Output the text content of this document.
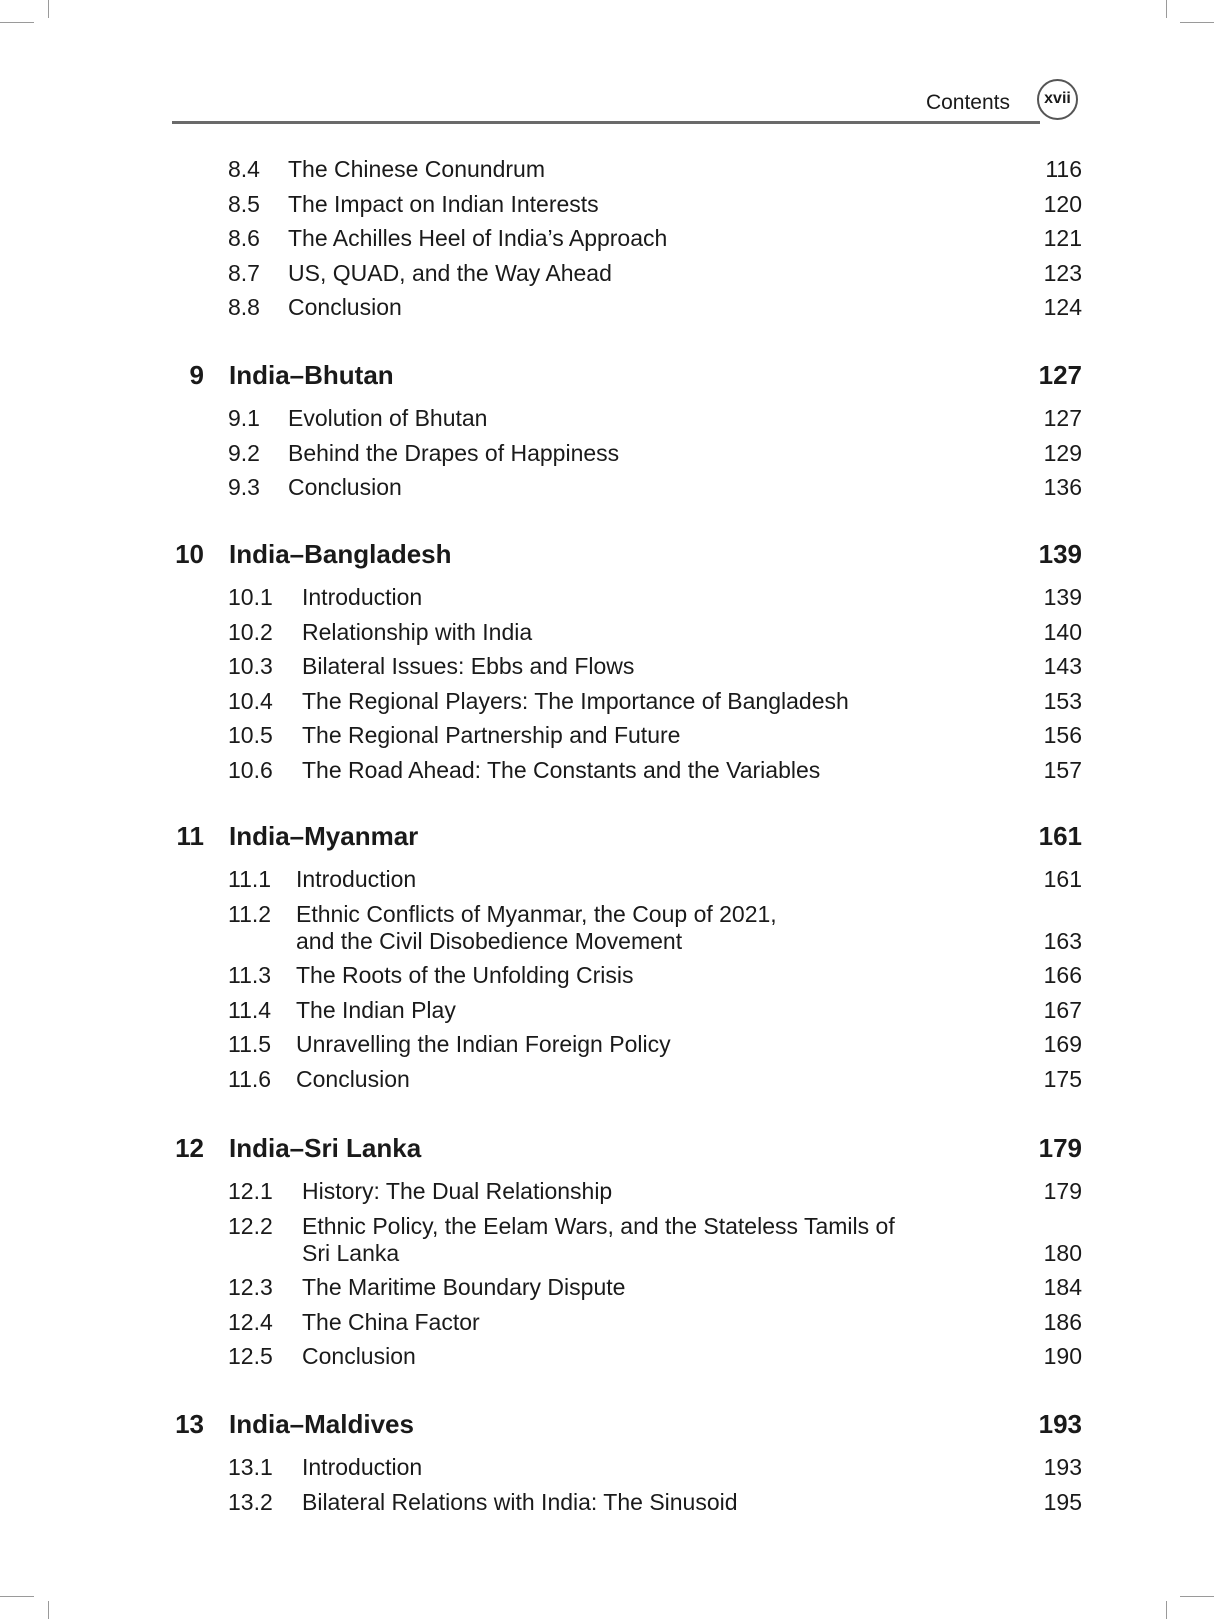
Contents	xvii
8.4 The Chinese Conundrum	116
8.5 The Impact on Indian Interests	120
8.6 The Achilles Heel of India’s Approach	121
8.7 US, QUAD, and the Way Ahead	123
8.8 Conclusion	124
9 India–Bhutan	127
9.1 Evolution of Bhutan	127
9.2 Behind the Drapes of Happiness	129
9.3 Conclusion	136
10 India–Bangladesh	139
10.1 Introduction	139
10.2 Relationship with India	140
10.3 Bilateral Issues: Ebbs and Flows	143
10.4 The Regional Players: The Importance of Bangladesh	153
10.5 The Regional Partnership and Future	156
10.6 The Road Ahead: The Constants and the Variables	157
11 India–Myanmar	161
11.1 Introduction	161
11.2 Ethnic Conflicts of Myanmar, the Coup of 2021,
and the Civil Disobedience Movement	163
11.3 The Roots of the Unfolding Crisis	166
11.4 The Indian Play	167
11.5 Unravelling the Indian Foreign Policy	169
11.6 Conclusion	175
12 India–Sri Lanka	179
12.1 History: The Dual Relationship	179
12.2 Ethnic Policy, the Eelam Wars, and the Stateless Tamils of
Sri Lanka	180
12.3 The Maritime Boundary Dispute	184
12.4 The China Factor	186
12.5 Conclusion	190
13 India–Maldives	193
13.1 Introduction	193
13.2 Bilateral Relations with India: The Sinusoid	195
